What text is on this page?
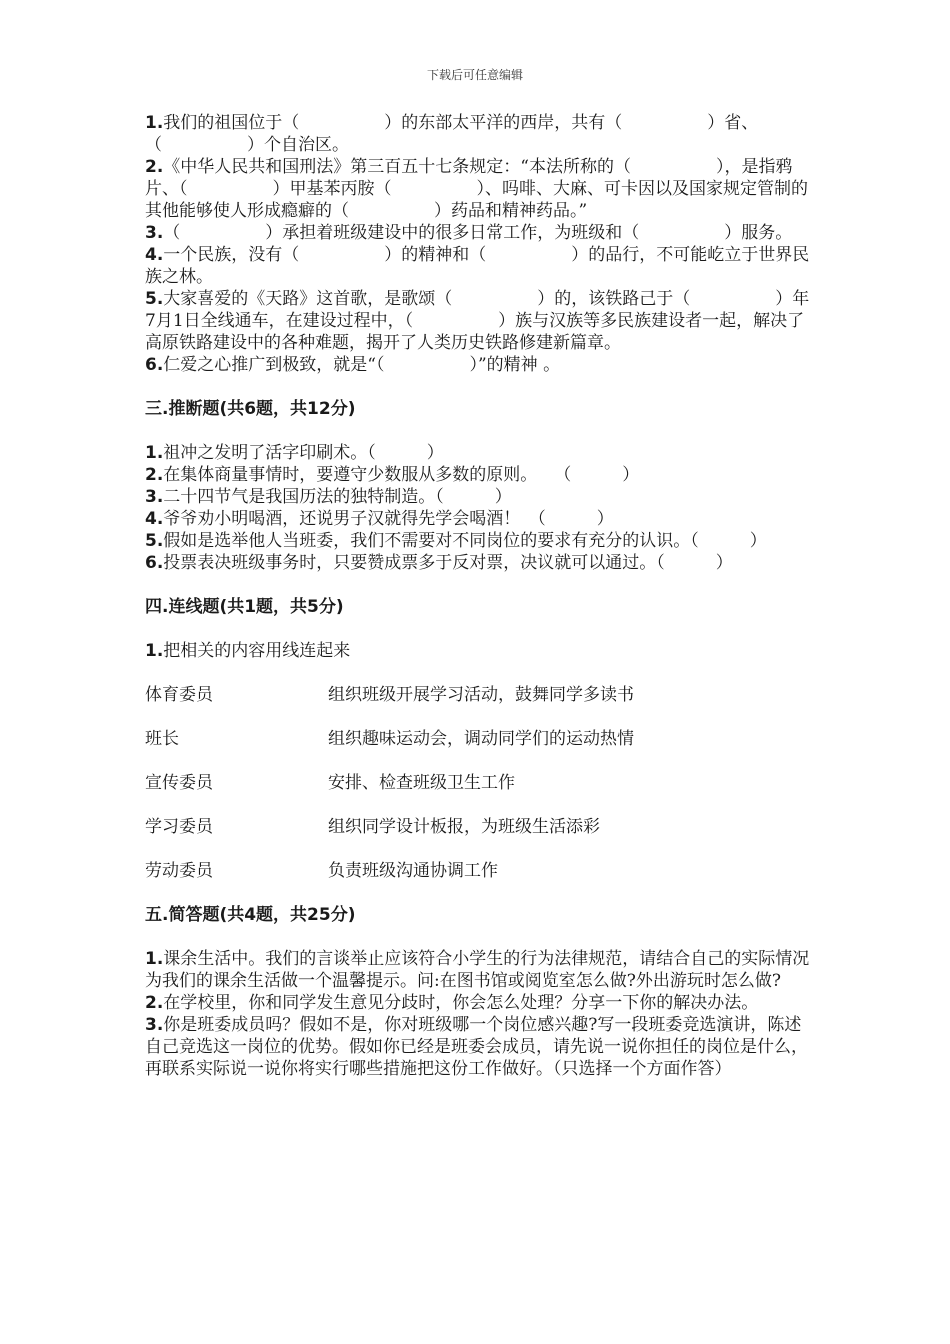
下载后可任意编辑

1.我们的祖国位于（　　　　　）的东部太平洋的西岸，共有（　　　　　）省、（　　　　　）个自治区。

2.《中华人民共和国刑法》第三百五十七条规定：“本法所称的（　　　　　），是指鸦片、（　　　　　）甲基苯丙胺（　　　　　）、吗啡、大麻、可卡因以及国家规定管制的其他能够使人形成瘾癖的（　　　　　）药品和精神药品。”

3.（　　　　　）承担着班级建设中的很多日常工作，为班级和（　　　　　）服务。

4.一个民族，没有（　　　　　）的精神和（　　　　　）的品行，不可能屹立于世界民族之林。

5.大家喜爱的《天路》这首歌，是歌颂（　　　　　）的，该铁路己于（　　　　　）年7月1日全线通车，在建设过程中，（　　　　　）族与汉族等多民族建设者一起，解决了高原铁路建设中的各种难题，揭开了人类历史铁路修建新篇章。

6.仁爱之心推广到极致，就是“（　　　　　）”的精神 。

三.推断题(共6题，共12分)

1.祖冲之发明了活字印刷术。（　　　）

2.在集体商量事情时，要遵守少数服从多数的原则。　　（　　　）

3.二十四节气是我国历法的独特制造。（　　　）

4.爷爷劝小明喝酒，还说男子汉就得先学会喝酒！　（　　　）

5.假如是选举他人当班委，我们不需要对不同岗位的要求有充分的认识。（　　　）

6.投票表决班级事务时，只要赞成票多于反对票，决议就可以通过。（　　　）

四.连线题(共1题，共5分)

1.把相关的内容用线连起来

体育委员	组织班级开展学习活动，鼓舞同学多读书
班长	组织趣味运动会，调动同学们的运动热情
宣传委员	安排、检查班级卫生工作
学习委员	组织同学设计板报，为班级生活添彩
劳动委员	负责班级沟通协调工作
五.简答题(共4题，共25分)

1.课余生活中。我们的言谈举止应该符合小学生的行为法律规范，请结合自己的实际情况为我们的课余生活做一个温馨提示。问:在图书馆或阅览室怎么做?外出游玩时怎么做?

2.在学校里，你和同学发生意见分歧时，你会怎么处理？分享一下你的解决办法。

3.你是班委成员吗？假如不是，你对班级哪一个岗位感兴趣?写一段班委竞选演讲，陈述自己竞选这一岗位的优势。假如你已经是班委会成员，请先说一说你担任的岗位是什么，再联系实际说一说你将实行哪些措施把这份工作做好。（只选择一个方面作答）
